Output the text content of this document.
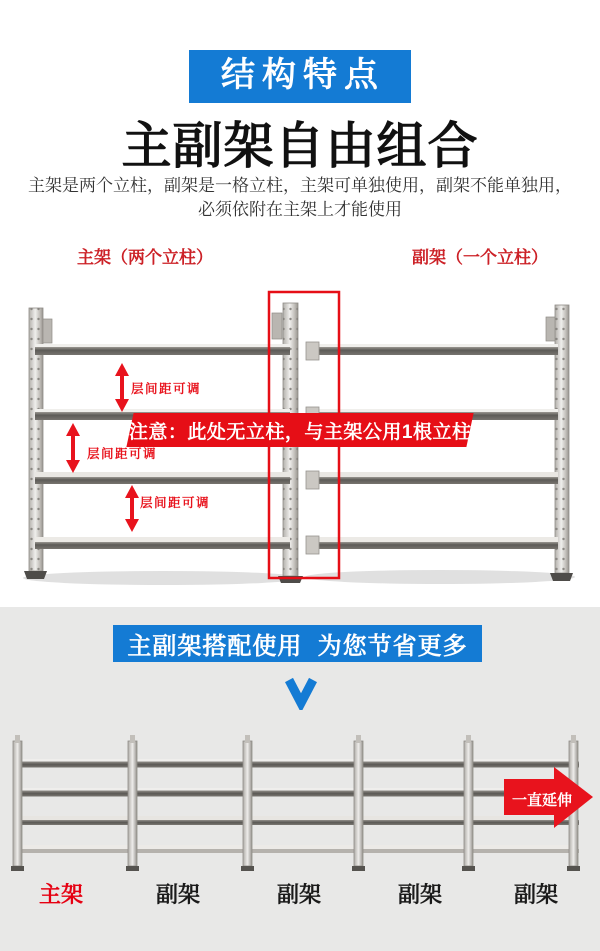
结构特点
主副架自由组合
主架是两个立柱，副架是一格立柱，主架可单独使用，副架不能单独用，
必须依附在主架上才能使用
主架（两个立柱）	副架（一个立柱）
层间距可调
层间距可调
层间距可调
注意：此处无立柱，与主架公用1根立柱
主副架搭配使用  为您节省更多
一直延伸
主架	副架	副架	副架	副架
